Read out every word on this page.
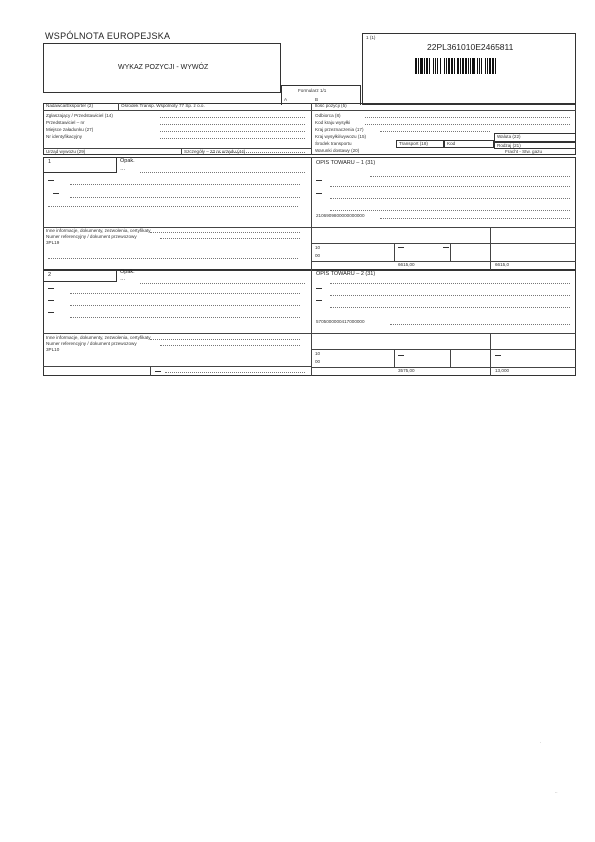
WSPÓLNOTA EUROPEJSKA
WYKAZ POZYCJI - WYWÓZ
1 (1)
22PL361010E2465811
Formularz 1/1
A	B
Nadawca/Eksporter (2)	Ośrodek Transp. Wspólnoty 77 Sp. z o.o.
Zgłaszający / Przedstawiciel (14)
Przedstawiciel – nr
Miejsce załadunku (27)
Nr identyfikacyjny
Urząd wywozu (29)	Szczegóły – 22 nr urzędu (44)
Ilość pozycji (5)
Odbiorca (8)
Kod kraju wysyłki
Kraj przeznaczenia (17)
Kraj wysyłki/wywozu (15)
Środek transportu
Warunki dostawy (20)
Transport (18)	Kod
Waluta (22)
Rodzaj (21)
Fracht - Stw. gazu
1	Opak.
…
OPIS TOWARU – 1 (31)
2106909800000000000
Inne informacje, dokumenty, zezwolenia, certyfikaty
Numer referencyjny / dokument przewozowy
3PL19
10
00
6615,00	6615,0
2	Opak.
…
OPIS TOWARU – 2 (31)
5705000000417000000
Inne informacje, dokumenty, zezwolenia, certyfikaty
Numer referencyjny / dokument przewozowy
3PL10
10
00
3575,00	13,000
.
..
